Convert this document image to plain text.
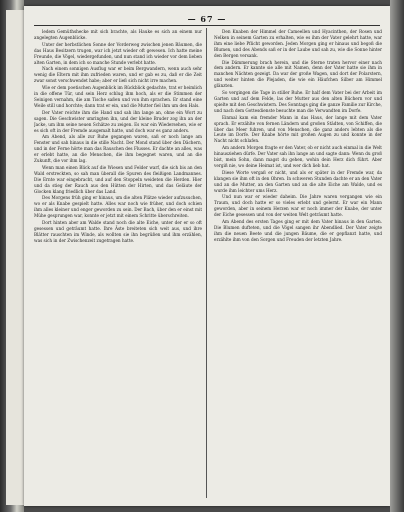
— 67 —

ledem Gemüthshecke mit sich brachte, als Hauke es sich an einem nur angelegten Augenblicke.

Unter der herbstlichen Sonne der Vorderweg zwischen jenen Bäumen, die das Haus Besitzern trugen, war ich jetzt wieder oft gewesen. Ich hatte meine Freunde, die Vögel, wiedergefunden, und nun stand ich wieder vor dem lieben alten Garten, in dem ich so manche Stunde verlebt hatte.

Nach einem sonnigen Ausflug war er beim Bergwandern, wenn auch sehr wenig die Eltern mit ihm zufrieden waren, und er gab es zu, daß er die Zeit zwar sonst verschwendet habe; aber er ließ sich nicht irre machen.

Wie er dem poetischen Augenblick im Rückblick gedachte, trat er heimlich in die offene Tür, und sein Herz schlug ihm hoch, als er die Stimmen der Seinigen vernahm, die am Tische saßen und von ihm sprachen. Er stand eine Weile still und horchte; dann trat er ein, und die Mutter fiel ihm um den Hals.

Der Vater reichte ihm die Hand und sah ihn lange an, ohne ein Wort zu sagen. Die Geschwister umringten ihn, und der kleine Bruder zog ihn an der Jacke, um ihm seine neuen Schätze zu zeigen. Es war ein Wiedersehen, wie er es sich oft in der Fremde ausgemalt hatte, und doch war es ganz anders.

Am Abend, als alle zur Ruhe gegangen waren, saß er noch lange am Fenster und sah hinaus in die stille Nacht. Der Mond stand über den Dächern, und in der Ferne hörte man das Rauschen des Flusses. Er dachte an alles, was er erlebt hatte, an die Menschen, die ihm begegnet waren, und an die Zukunft, die vor ihm lag.

Wenn man einen Blick auf die Wiesen und Felder warf, die sich bis an den Wald erstreckten, so sah man überall die Spuren des fleißigen Landmannes. Die Ernte war eingebracht, und auf den Stoppeln weideten die Herden. Hier und da stieg der Rauch aus den Hütten der Hirten, und das Geläute der Glocken klang friedlich über das Land.

Des Morgens früh ging er hinaus, um die alten Plätze wieder aufzusuchen, wo er als Knabe gespielt hatte. Alles war noch wie früher, und doch schien ihm alles kleiner und enger geworden zu sein. Der Bach, über den er einst mit Mühe gesprungen war, konnte er jetzt mit einem Schritte überschreiten.

Dort hinten aber am Walde stand noch die alte Eiche, unter der er so oft gesessen und geträumt hatte. Ihre Äste breiteten sich weit aus, und ihre Blätter rauschten im Winde, als wollten sie ihn begrüßen und ihm erzählen, was sich in der Zwischenzeit zugetragen hatte.

Den Knaben der Himmel der Cameellen und Hyacinthen, der Rosen und Nelken in seinem Garten zu erhalten, wie es ihm der Vater gelehrt hatte, war ihm eine liebe Pflicht geworden. Jeden Morgen ging er hinaus und begoß die Blumen, und des Abends saß er in der Laube und sah zu, wie die Sonne hinter den Bergen versank.

Die Dämmerung brach herein, und die Sterne traten hervor einer nach dem andern. Er kannte sie alle mit Namen, denn der Vater hatte sie ihm in manchen Nächten gezeigt. Da war der große Wagen, und dort der Polarstern, und weiter hinten die Plejaden, die wie ein Häufchen Silber am Himmel glänzten.

So vergingen die Tage in stiller Ruhe. Er half dem Vater bei der Arbeit im Garten und auf dem Felde, las der Mutter aus den alten Büchern vor und spielte mit den Geschwistern. Des Sonntags ging die ganze Familie zur Kirche, und nach dem Gottesdienste besuchte man die Verwandten im Dorfe.

Einmal kam ein fremder Mann in das Haus, der lange mit dem Vater sprach. Er erzählte von fernen Ländern und großen Städten, von Schiffen, die über das Meer fuhren, und von Menschen, die ganz anders lebten als die Leute im Dorfe. Der Knabe hörte mit großen Augen zu und konnte in der Nacht nicht schlafen.

Am andern Morgen fragte er den Vater, ob er nicht auch einmal in die Welt hinausziehen dürfe. Der Vater sah ihn lange an und sagte dann: Wenn du groß bist, mein Sohn, dann magst du gehen, wohin dein Herz dich führt. Aber vergiß nie, wo deine Heimat ist, und wer dich lieb hat.

Diese Worte vergaß er nicht, und als er später in der Fremde war, da klangen sie ihm oft in den Ohren. In schweren Stunden dachte er an den Vater und an die Mutter, an den Garten und an die alte Eiche am Walde, und es wurde ihm leichter ums Herz.

Und nun war er wieder daheim. Die Jahre waren vergangen wie ein Traum, und doch hatte er so vieles erlebt und gelernt. Er war ein Mann geworden, aber in seinem Herzen war er noch immer der Knabe, der unter der Eiche gesessen und von der weiten Welt geträumt hatte.

Am Abend des ersten Tages ging er mit dem Vater hinaus in den Garten. Die Blumen dufteten, und die Vögel sangen ihr Abendlied. Der Vater zeigte ihm die neuen Beete und die jungen Bäume, die er gepflanzt hatte, und erzählte ihm von den Sorgen und Freuden der letzten Jahre.
